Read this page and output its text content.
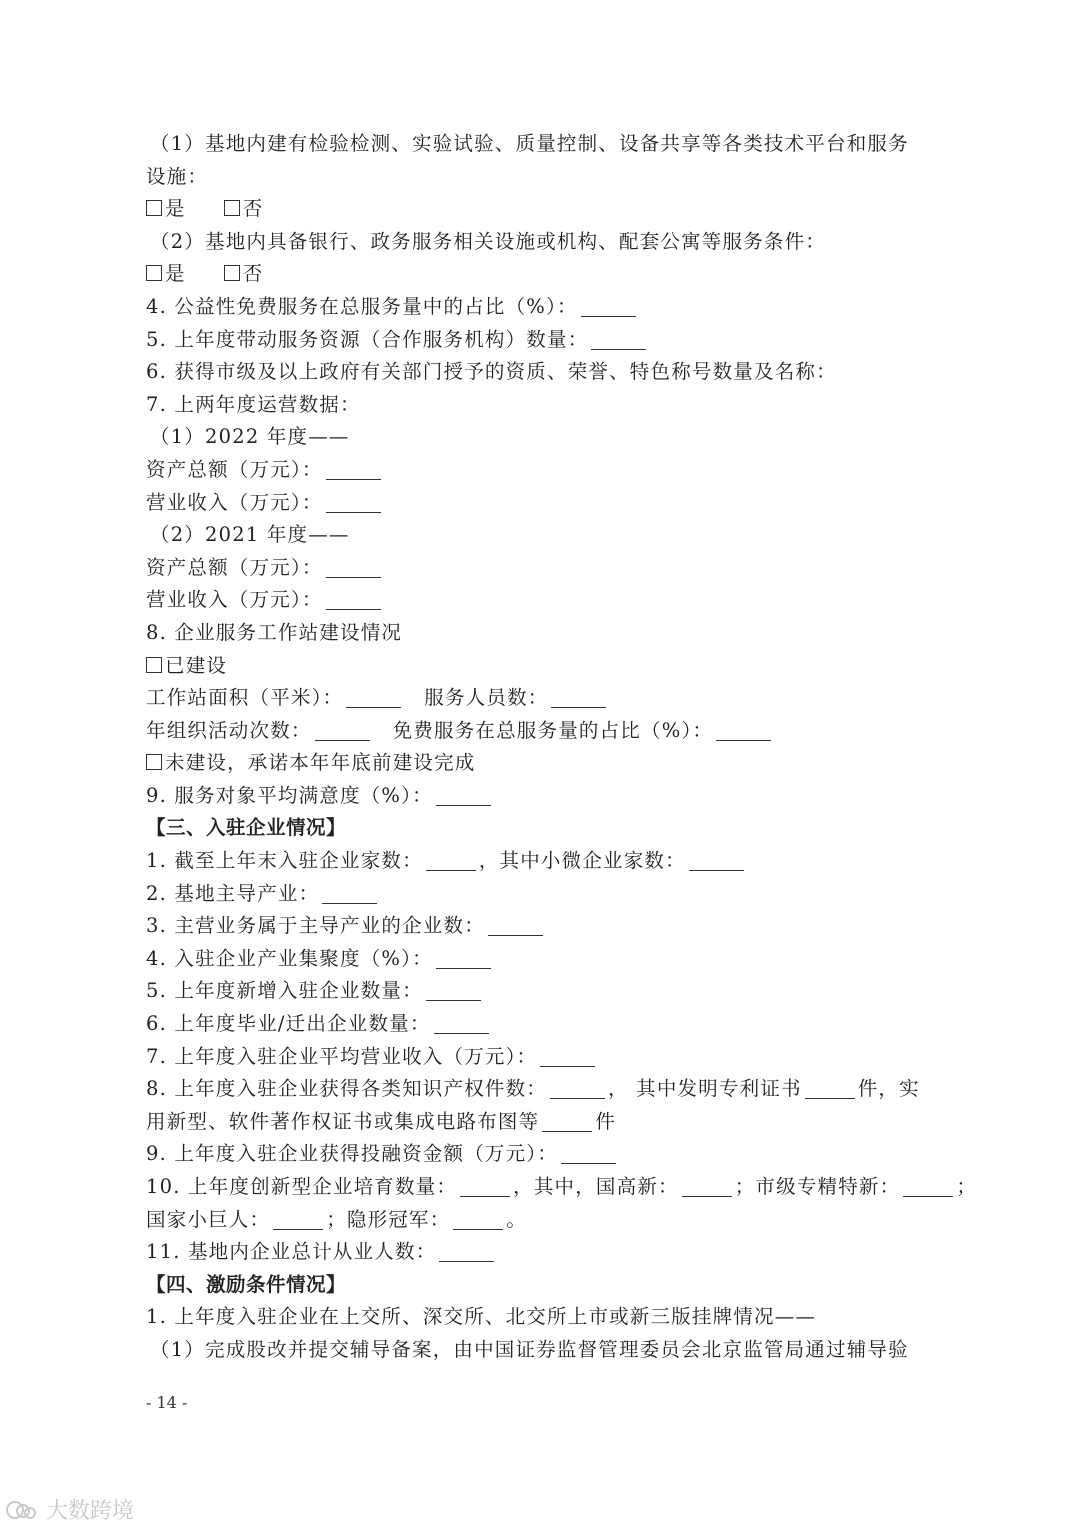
（1）基地内建有检验检测、实验试验、质量控制、设备共享等各类技术平台和服务
设施：
是	否
（2）基地内具备银行、政务服务相关设施或机构、配套公寓等服务条件：
是	否
4. 公益性免费服务在总服务量中的占比（%）：
5. 上年度带动服务资源（合作服务机构）数量：
6. 获得市级及以上政府有关部门授予的资质、荣誉、特色称号数量及名称：
7. 上两年度运营数据：
（1）2022 年度——
资产总额（万元）：
营业收入（万元）：
（2）2021 年度——
资产总额（万元）：
营业收入（万元）：
8. 企业服务工作站建设情况
已建设
工作站面积（平米）：	服务人员数：
年组织活动次数：	免费服务在总服务量的占比（%）：
未建设，承诺本年年底前建设完成
9. 服务对象平均满意度（%）：
【三、入驻企业情况】
1. 截至上年末入驻企业家数：	，其中小微企业家数：
2. 基地主导产业：
3. 主营业务属于主导产业的企业数：
4. 入驻企业产业集聚度（%）：
5. 上年度新增入驻企业数量：
6. 上年度毕业/迁出企业数量：
7. 上年度入驻企业平均营业收入（万元）：
8. 上年度入驻企业获得各类知识产权件数：	， 其中发明专利证书	件，实
用新型、软件著作权证书或集成电路布图等	件
9. 上年度入驻企业获得投融资金额（万元）：
10. 上年度创新型企业培育数量：	，其中，国高新：	；市级专精特新：	；
国家小巨人：	；隐形冠军：	。
11. 基地内企业总计从业人数：
【四、激励条件情况】
1. 上年度入驻企业在上交所、深交所、北交所上市或新三版挂牌情况——
（1）完成股改并提交辅导备案，由中国证券监督管理委员会北京监管局通过辅导验
- 14 -
大数跨境
